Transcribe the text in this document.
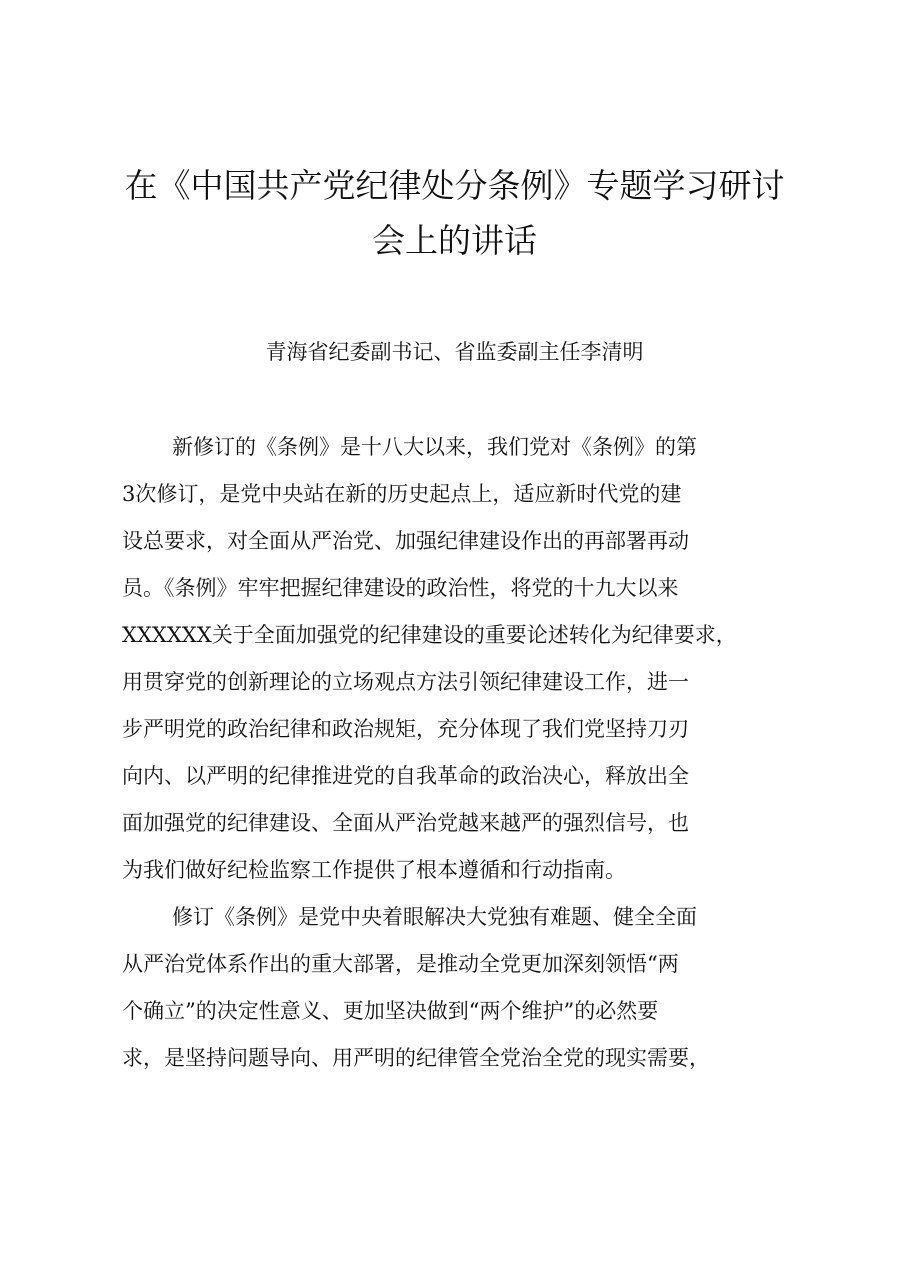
在《中国共产党纪律处分条例》专题学习研讨
会上的讲话
青海省纪委副书记、省监委副主任李清明
新修订的《条例》是十八大以来，我们党对《条例》的第
3次修订，是党中央站在新的历史起点上，适应新时代党的建
设总要求，对全面从严治党、加强纪律建设作出的再部署再动
员。《条例》牢牢把握纪律建设的政治性，将党的十九大以来
XXXXXX关于全面加强党的纪律建设的重要论述转化为纪律要求，
用贯穿党的创新理论的立场观点方法引领纪律建设工作，进一
步严明党的政治纪律和政治规矩，充分体现了我们党坚持刀刃
向内、以严明的纪律推进党的自我革命的政治决心，释放出全
面加强党的纪律建设、全面从严治党越来越严的强烈信号，也
为我们做好纪检监察工作提供了根本遵循和行动指南。
修订《条例》是党中央着眼解决大党独有难题、健全全面
从严治党体系作出的重大部署，是推动全党更加深刻领悟“两
个确立”的决定性意义、更加坚决做到“两个维护”的必然要
求，是坚持问题导向、用严明的纪律管全党治全党的现实需要，
